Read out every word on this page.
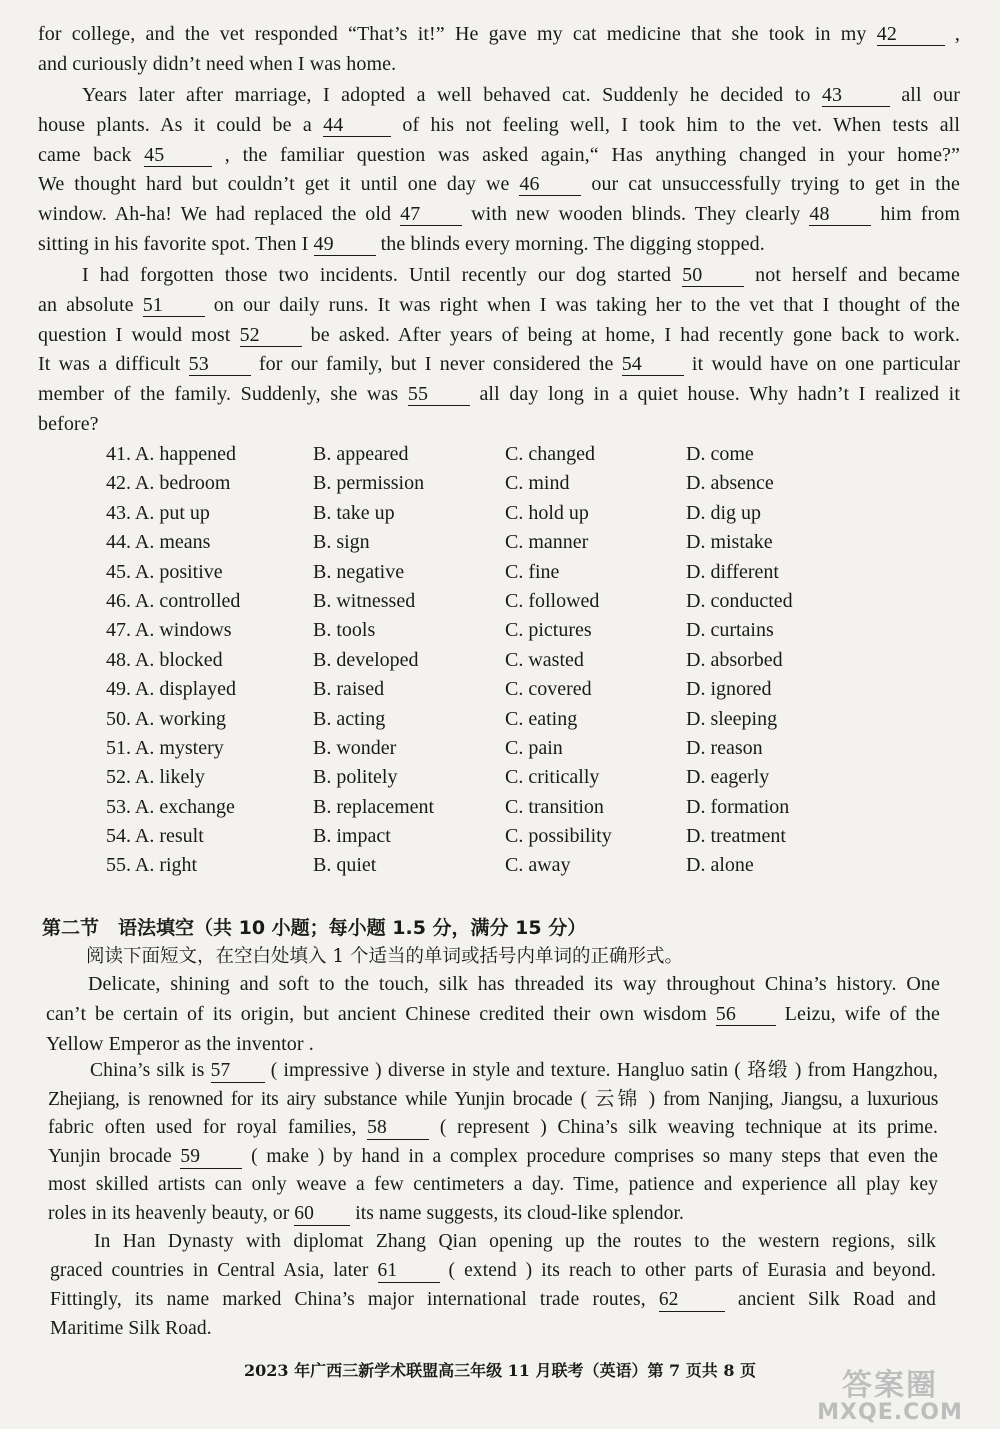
for college, and the vet responded “That’s it!” He gave my cat medicine that she took in my 42 ,
and curiously didn’t need when I was home.
Years later after marriage, I adopted a well behaved cat. Suddenly he decided to 43 all our
house plants. As it could be a 44 of his not feeling well, I took him to the vet. When tests all
came back 45 , the familiar question was asked again,“ Has anything changed in your home?”
We thought hard but couldn’t get it until one day we 46 our cat unsuccessfully trying to get in the
window. Ah-ha! We had replaced the old 47 with new wooden blinds. They clearly 48 him from
sitting in his favorite spot. Then I 49 the blinds every morning. The digging stopped.
I had forgotten those two incidents. Until recently our dog started 50 not herself and became
an absolute 51 on our daily runs. It was right when I was taking her to the vet that I thought of the
question I would most 52 be asked. After years of being at home, I had recently gone back to work.
It was a difficult 53 for our family, but I never considered the 54 it would have on one particular
member of the family. Suddenly, she was 55 all day long in a quiet house. Why hadn’t I realized it
before?
41. A. happened	B. appeared	C. changed	D. come
42. A. bedroom	B. permission	C. mind	D. absence
43. A. put up	B. take up	C. hold up	D. dig up
44. A. means	B. sign	C. manner	D. mistake
45. A. positive	B. negative	C. fine	D. different
46. A. controlled	B. witnessed	C. followed	D. conducted
47. A. windows	B. tools	C. pictures	D. curtains
48. A. blocked	B. developed	C. wasted	D. absorbed
49. A. displayed	B. raised	C. covered	D. ignored
50. A. working	B. acting	C. eating	D. sleeping
51. A. mystery	B. wonder	C. pain	D. reason
52. A. likely	B. politely	C. critically	D. eagerly
53. A. exchange	B. replacement	C. transition	D. formation
54. A. result	B. impact	C. possibility	D. treatment
55. A. right	B. quiet	C. away	D. alone
第二节　语法填空（共 10 小题；每小题 1.5 分，满分 15 分）
阅读下面短文，在空白处填入 1 个适当的单词或括号内单词的正确形式。
Delicate, shining and soft to the touch, silk has threaded its way throughout China’s history. One
can’t be certain of its origin, but ancient Chinese credited their own wisdom 56 Leizu, wife of the
Yellow Emperor as the inventor .
China’s silk is 57 ( impressive ) diverse in style and texture. Hangluo satin ( 珞缎 ) from Hangzhou,
Zhejiang, is renowned for its airy substance while Yunjin brocade ( 云锦 ) from Nanjing, Jiangsu, a luxurious
fabric often used for royal families, 58 ( represent ) China’s silk weaving technique at its prime.
Yunjin brocade 59 ( make ) by hand in a complex procedure comprises so many steps that even the
most skilled artists can only weave a few centimeters a day. Time, patience and experience all play key
roles in its heavenly beauty, or 60 its name suggests, its cloud-like splendor.
In Han Dynasty with diplomat Zhang Qian opening up the routes to the western regions, silk
graced countries in Central Asia, later 61 ( extend ) its reach to other parts of Eurasia and beyond.
Fittingly, its name marked China’s major international trade routes, 62 ancient Silk Road and
Maritime Silk Road.
2023 年广西三新学术联盟高三年级 11 月联考（英语）第 7 页共 8 页	答案圈
MXQE.COM
